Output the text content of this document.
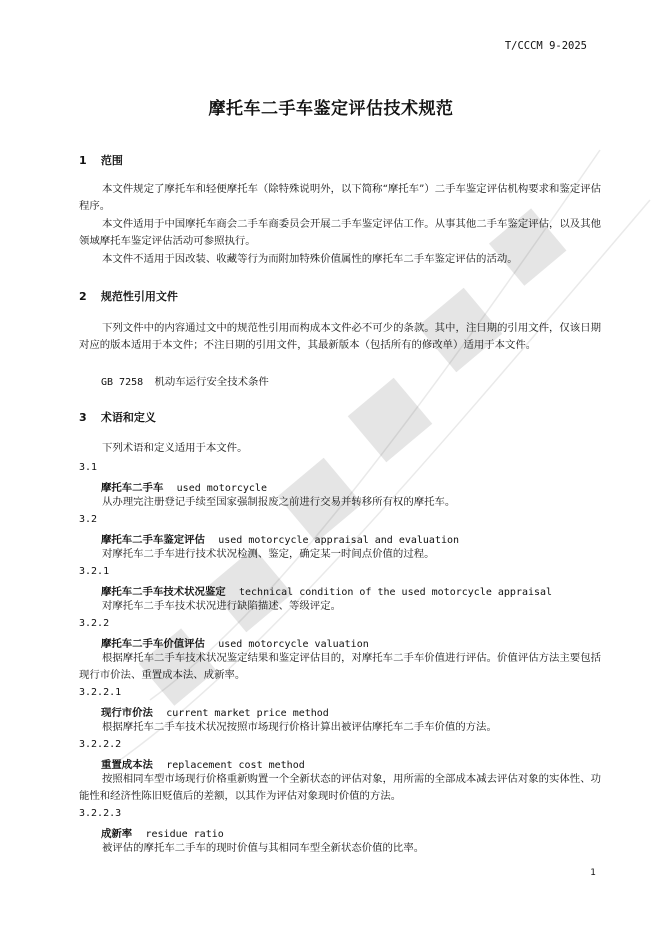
T/CCCM 9-2025
摩托车二手车鉴定评估技术规范
1 范围
本文件规定了摩托车和轻便摩托车（除特殊说明外，以下简称“摩托车”）二手车鉴定评估机构要求和鉴定评估程序。
本文件适用于中国摩托车商会二手车商委员会开展二手车鉴定评估工作。从事其他二手车鉴定评估，以及其他领域摩托车鉴定评估活动可参照执行。
本文件不适用于因改装、收藏等行为而附加特殊价值属性的摩托车二手车鉴定评估的活动。
2 规范性引用文件
下列文件中的内容通过文中的规范性引用而构成本文件必不可少的条款。其中，注日期的引用文件，仅该日期对应的版本适用于本文件；不注日期的引用文件，其最新版本（包括所有的修改单）适用于本文件。
GB 7258 机动车运行安全技术条件
3 术语和定义
下列术语和定义适用于本文件。
3.1
摩托车二手车 used motorcycle
从办理完注册登记手续至国家强制报废之前进行交易并转移所有权的摩托车。
3.2
摩托车二手车鉴定评估 used motorcycle appraisal and evaluation
对摩托车二手车进行技术状况检测、鉴定，确定某一时间点价值的过程。
3.2.1
摩托车二手车技术状况鉴定 technical condition of the used motorcycle appraisal
对摩托车二手车技术状况进行缺陷描述、等级评定。
3.2.2
摩托车二手车价值评估 used motorcycle valuation
根据摩托车二手车技术状况鉴定结果和鉴定评估目的，对摩托车二手车价值进行评估。价值评估方法主要包括现行市价法、重置成本法、成新率。
3.2.2.1
现行市价法 current market price method
根据摩托车二手车技术状况按照市场现行价格计算出被评估摩托车二手车价值的方法。
3.2.2.2
重置成本法 replacement cost method
按照相同车型市场现行价格重新购置一个全新状态的评估对象，用所需的全部成本减去评估对象的实体性、功能性和经济性陈旧贬值后的差额，以其作为评估对象现时价值的方法。
3.2.2.3
成新率 residue ratio
被评估的摩托车二手车的现时价值与其相同车型全新状态价值的比率。
1
